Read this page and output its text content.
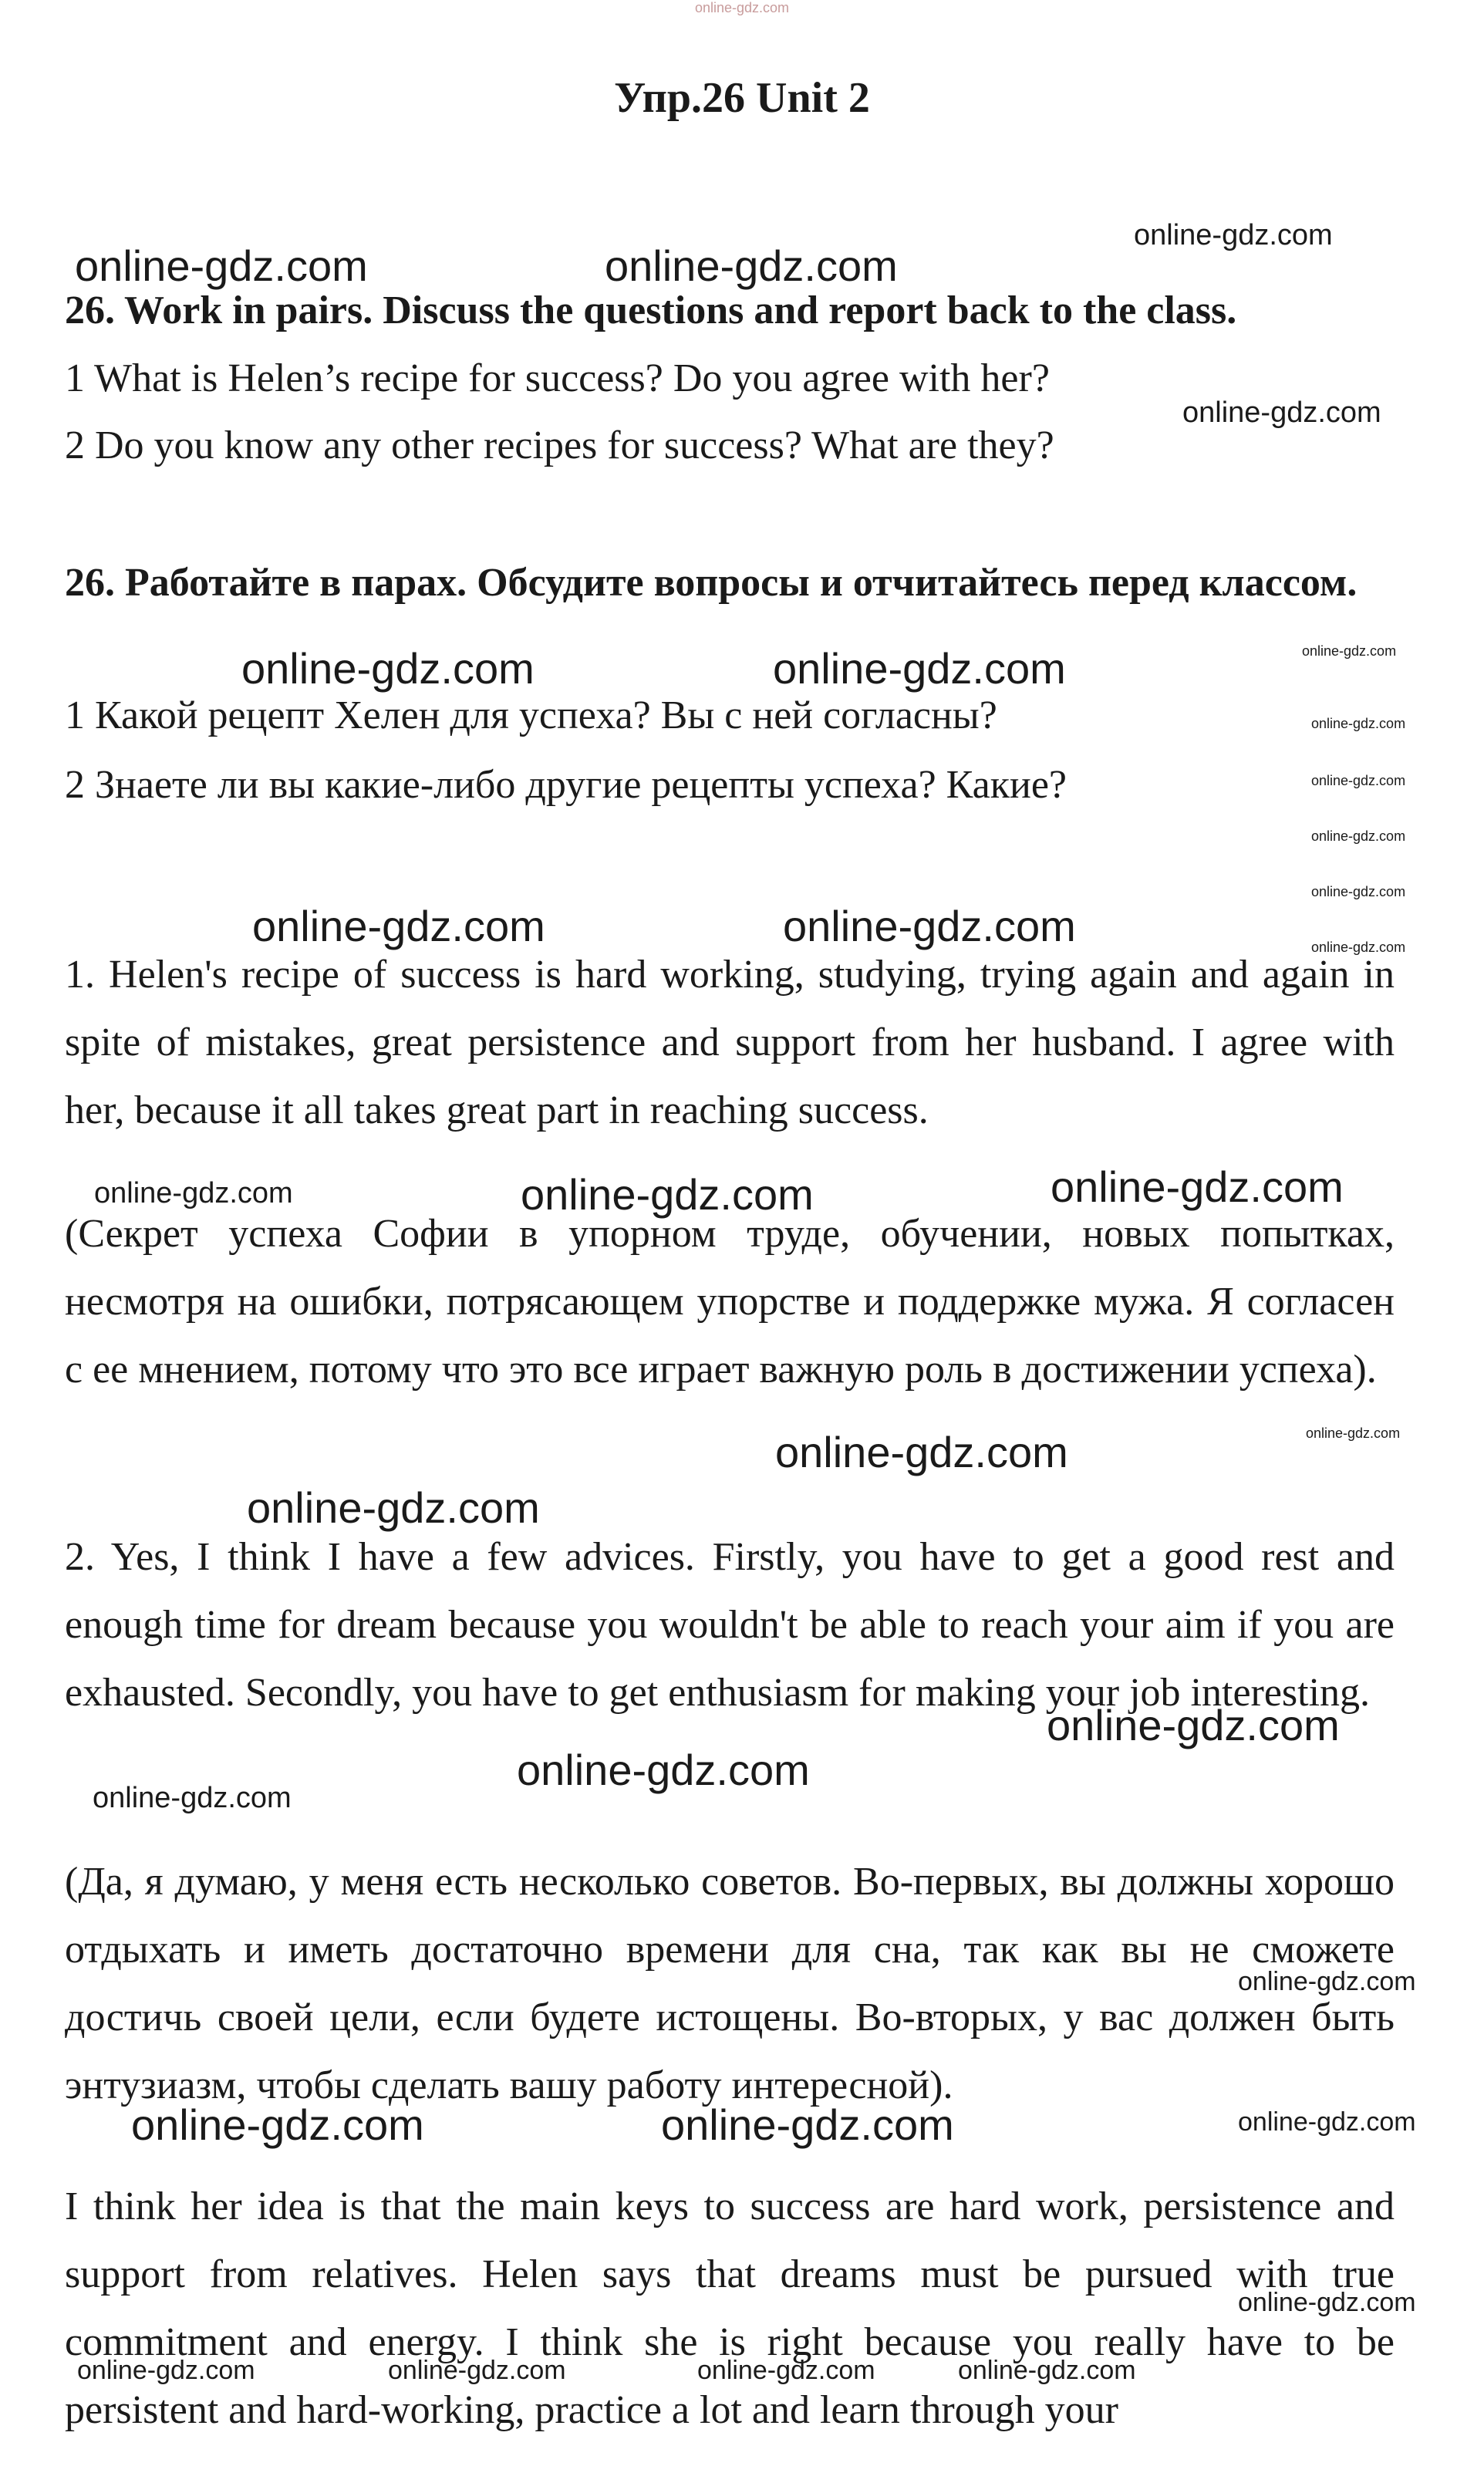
online-gdz.com
Упр.26 Unit 2
26. Work in pairs. Discuss the questions and report back to the class.
1 What is Helen’s recipe for success? Do you agree with her?
2 Do you know any other recipes for success? What are they?
26. Работайте в парах. Обсудите вопросы и отчитайтесь перед классом.
1 Какой рецепт Хелен для успеха? Вы с ней согласны?
2 Знаете ли вы какие-либо другие рецепты успеха? Какие?
1. Helen's recipe of success is hard working, studying, trying again and again in spite of mistakes, great persistence and support from her husband. I agree with her, because it all takes great part in reaching success.
(Секрет успеха Софии в упорном труде, обучении, новых попытках, несмотря на ошибки, потрясающем упорстве и поддержке мужа. Я согласен с ее мнением, потому что это все играет важную роль в достижении успеха).
2. Yes, I think I have a few advices. Firstly, you have to get a good rest and enough time for dream because you wouldn't be able to reach your aim if you are exhausted. Secondly, you have to get enthusiasm for making your job interesting.
(Да, я думаю, у меня есть несколько советов. Во-первых, вы должны хорошо отдыхать и иметь достаточно времени для сна, так как вы не сможете достичь своей цели, если будете истощены. Во-вторых, у вас должен быть энтузиазм, чтобы сделать вашу работу интересной).
I think her idea is that the main keys to success are hard work, persistence and support from relatives. Helen says that dreams must be pursued with true commitment and energy. I think she is right because you really have to be persistent and hard-working, practice a lot and learn through your
online-gdz.com	online-gdz.com
online-gdz.com
online-gdz.com
online-gdz.com	online-gdz.com	online-gdz.com
online-gdz.com
online-gdz.com
online-gdz.com
online-gdz.com
online-gdz.com
online-gdz.com	online-gdz.com
online-gdz.com	online-gdz.com	online-gdz.com
online-gdz.com
online-gdz.com
online-gdz.com
online-gdz.com
online-gdz.com
online-gdz.com
online-gdz.com
online-gdz.com	online-gdz.com	online-gdz.com
online-gdz.com
online-gdz.com	online-gdz.com	online-gdz.com	online-gdz.com
